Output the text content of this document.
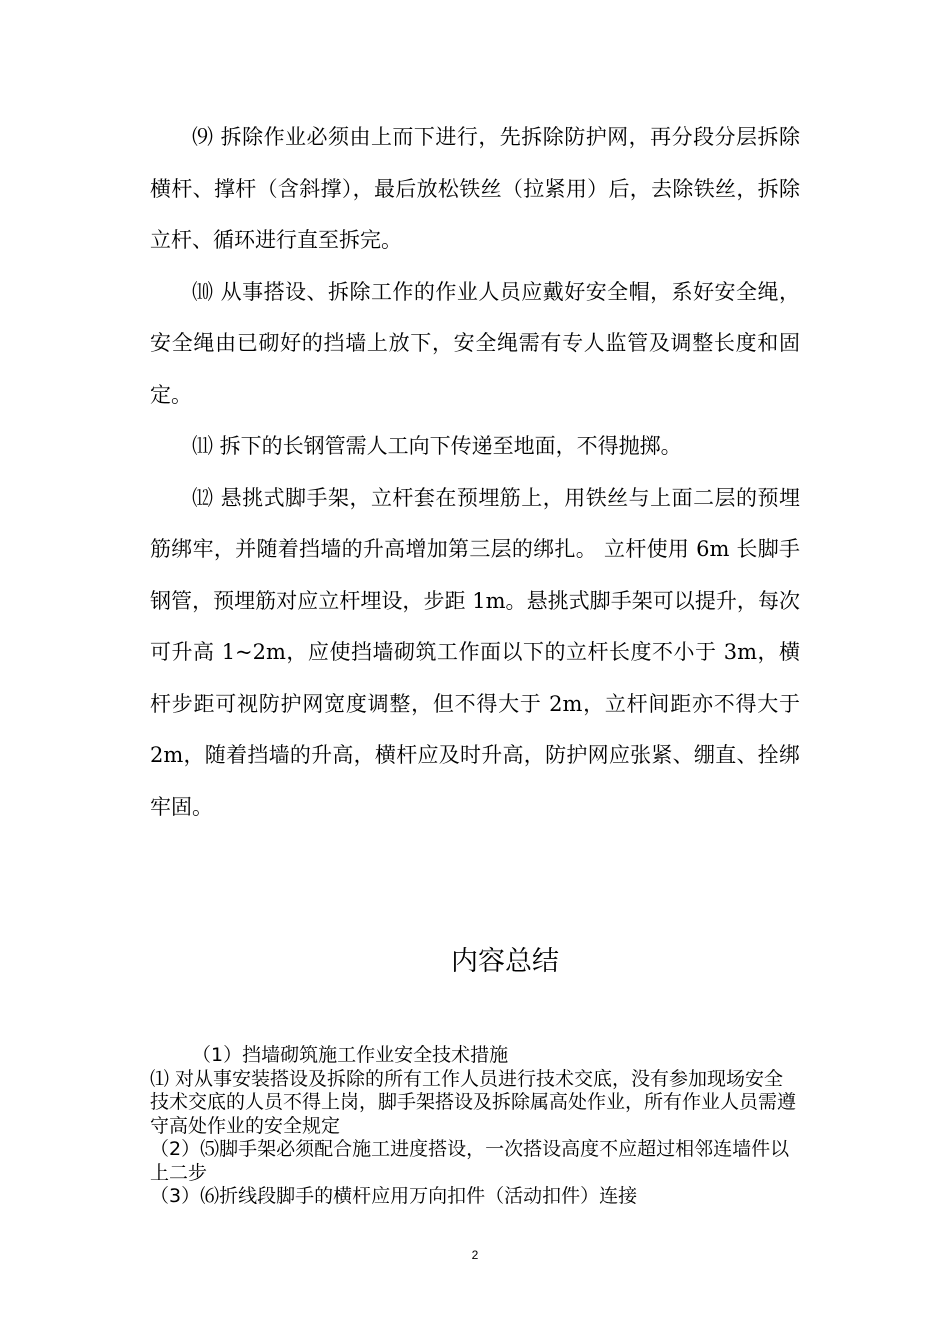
⑼ 拆除作业必须由上而下进行，先拆除防护网，再分段分层拆除横杆、撑杆（含斜撑），最后放松铁丝（拉紧用）后，去除铁丝，拆除立杆、循环进行直至拆完。

⑽ 从事搭设、拆除工作的作业人员应戴好安全帽，系好安全绳，安全绳由已砌好的挡墙上放下，安全绳需有专人监管及调整长度和固定。

⑾ 拆下的长钢管需人工向下传递至地面，不得抛掷。

⑿ 悬挑式脚手架，立杆套在预埋筋上，用铁丝与上面二层的预埋筋绑牢，并随着挡墙的升高增加第三层的绑扎。 立杆使用 6m 长脚手钢管，预埋筋对应立杆埋设，步距 1m。悬挑式脚手架可以提升，每次可升高 1~2m，应使挡墙砌筑工作面以下的立杆长度不小于 3m，横杆步距可视防护网宽度调整，但不得大于 2m，立杆间距亦不得大于 2m，随着挡墙的升高，横杆应及时升高，防护网应张紧、绷直、拴绑牢固。

内容总结

（1）挡墙砌筑施工作业安全技术措施

⑴ 对从事安装搭设及拆除的所有工作人员进行技术交底，没有参加现场安全技术交底的人员不得上岗，脚手架搭设及拆除属高处作业，所有作业人员需遵守高处作业的安全规定

（2）⑸脚手架必须配合施工进度搭设，一次搭设高度不应超过相邻连墙件以上二步

（3）⑹折线段脚手的横杆应用万向扣件（活动扣件）连接

2
